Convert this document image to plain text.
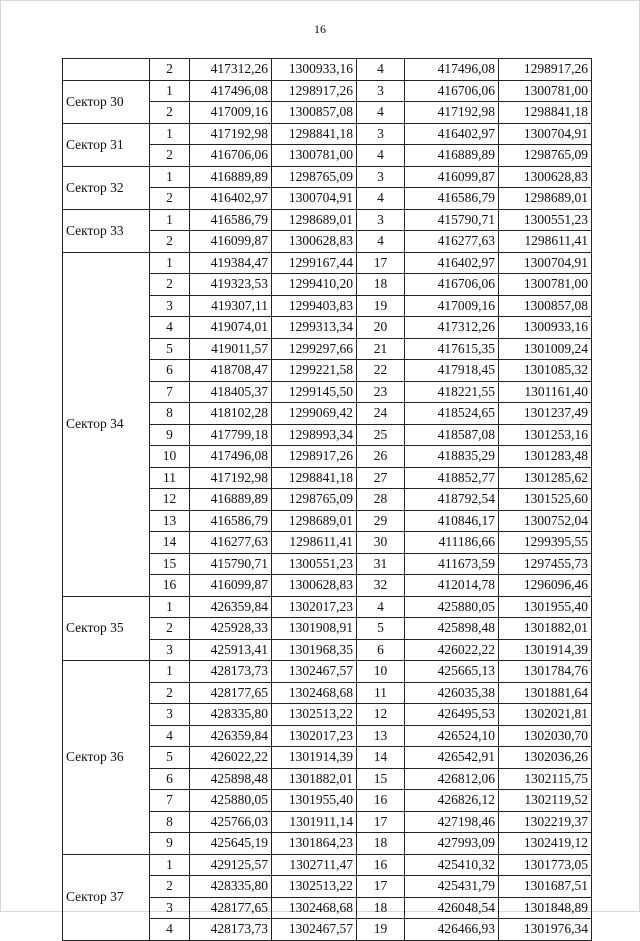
16
	2	417312,26	1300933,16	4	417496,08	1298917,26
Сектор 30	1	417496,08	1298917,26	3	416706,06	1300781,00
	2	417009,16	1300857,08	4	417192,98	1298841,18
Сектор 31	1	417192,98	1298841,18	3	416402,97	1300704,91
	2	416706,06	1300781,00	4	416889,89	1298765,09
Сектор 32	1	416889,89	1298765,09	3	416099,87	1300628,83
	2	416402,97	1300704,91	4	416586,79	1298689,01
Сектор 33	1	416586,79	1298689,01	3	415790,71	1300551,23
	2	416099,87	1300628,83	4	416277,63	1298611,41
Сектор 34	1	419384,47	1299167,44	17	416402,97	1300704,91
	2	419323,53	1299410,20	18	416706,06	1300781,00
	3	419307,11	1299403,83	19	417009,16	1300857,08
	4	419074,01	1299313,34	20	417312,26	1300933,16
	5	419011,57	1299297,66	21	417615,35	1301009,24
	6	418708,47	1299221,58	22	417918,45	1301085,32
	7	418405,37	1299145,50	23	418221,55	1301161,40
	8	418102,28	1299069,42	24	418524,65	1301237,49
	9	417799,18	1298993,34	25	418587,08	1301253,16
	10	417496,08	1298917,26	26	418835,29	1301283,48
	11	417192,98	1298841,18	27	418852,77	1301285,62
	12	416889,89	1298765,09	28	418792,54	1301525,60
	13	416586,79	1298689,01	29	410846,17	1300752,04
	14	416277,63	1298611,41	30	411186,66	1299395,55
	15	415790,71	1300551,23	31	411673,59	1297455,73
	16	416099,87	1300628,83	32	412014,78	1296096,46
Сектор 35	1	426359,84	1302017,23	4	425880,05	1301955,40
	2	425928,33	1301908,91	5	425898,48	1301882,01
	3	425913,41	1301968,35	6	426022,22	1301914,39
Сектор 36	1	428173,73	1302467,57	10	425665,13	1301784,76
	2	428177,65	1302468,68	11	426035,38	1301881,64
	3	428335,80	1302513,22	12	426495,53	1302021,81
	4	426359,84	1302017,23	13	426524,10	1302030,70
	5	426022,22	1301914,39	14	426542,91	1302036,26
	6	425898,48	1301882,01	15	426812,06	1302115,75
	7	425880,05	1301955,40	16	426826,12	1302119,52
	8	425766,03	1301911,14	17	427198,46	1302219,37
	9	425645,19	1301864,23	18	427993,09	1302419,12
Сектор 37	1	429125,57	1302711,47	16	425410,32	1301773,05
	2	428335,80	1302513,22	17	425431,79	1301687,51
	3	428177,65	1302468,68	18	426048,54	1301848,89
	4	428173,73	1302467,57	19	426466,93	1301976,34
